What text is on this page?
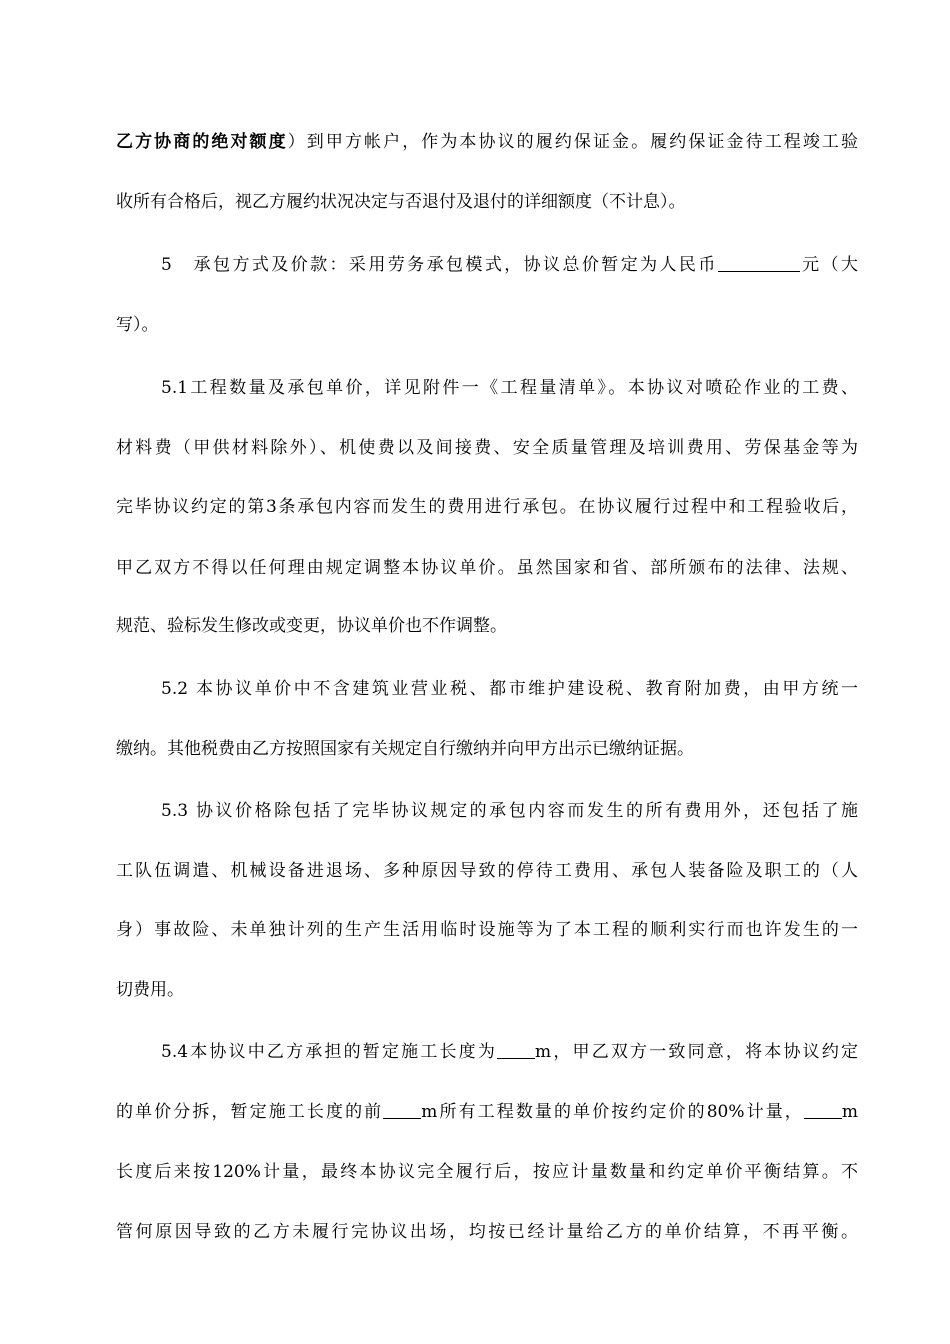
乙方协商的绝对额度）到甲方帐户，作为本协议的履约保证金。履约保证金待工程竣工验
收所有合格后，视乙方履约状况决定与否退付及退付的详细额度（不计息）。
5　承包方式及价款：采用劳务承包模式，协议总价暂定为人民币	元（大
写）。
5.1工程数量及承包单价，详见附件一《工程量清单》。本协议对喷砼作业的工费、
材料费（甲供材料除外）、机使费以及间接费、安全质量管理及培训费用、劳保基金等为
完毕协议约定的第3条承包内容而发生的费用进行承包。在协议履行过程中和工程验收后，
甲乙双方不得以任何理由规定调整本协议单价。虽然国家和省、部所颁布的法律、法规、
规范、验标发生修改或变更，协议单价也不作调整。
5.2 本协议单价中不含建筑业营业税、都市维护建设税、教育附加费，由甲方统一
缴纳。其他税费由乙方按照国家有关规定自行缴纳并向甲方出示已缴纳证据。
5.3 协议价格除包括了完毕协议规定的承包内容而发生的所有费用外，还包括了施
工队伍调遣、机械设备进退场、多种原因导致的停待工费用、承包人装备险及职工的（人
身）事故险、未单独计列的生产生活用临时设施等为了本工程的顺利实行而也许发生的一
切费用。
5.4本协议中乙方承担的暂定施工长度为 m，甲乙双方一致同意，将本协议约定
的单价分拆，暂定施工长度的前 m所有工程数量的单价按约定价的80%计量， m
长度后来按120%计量，最终本协议完全履行后，按应计量数量和约定单价平衡结算。不
管何原因导致的乙方未履行完协议出场，均按已经计量给乙方的单价结算，不再平衡。
